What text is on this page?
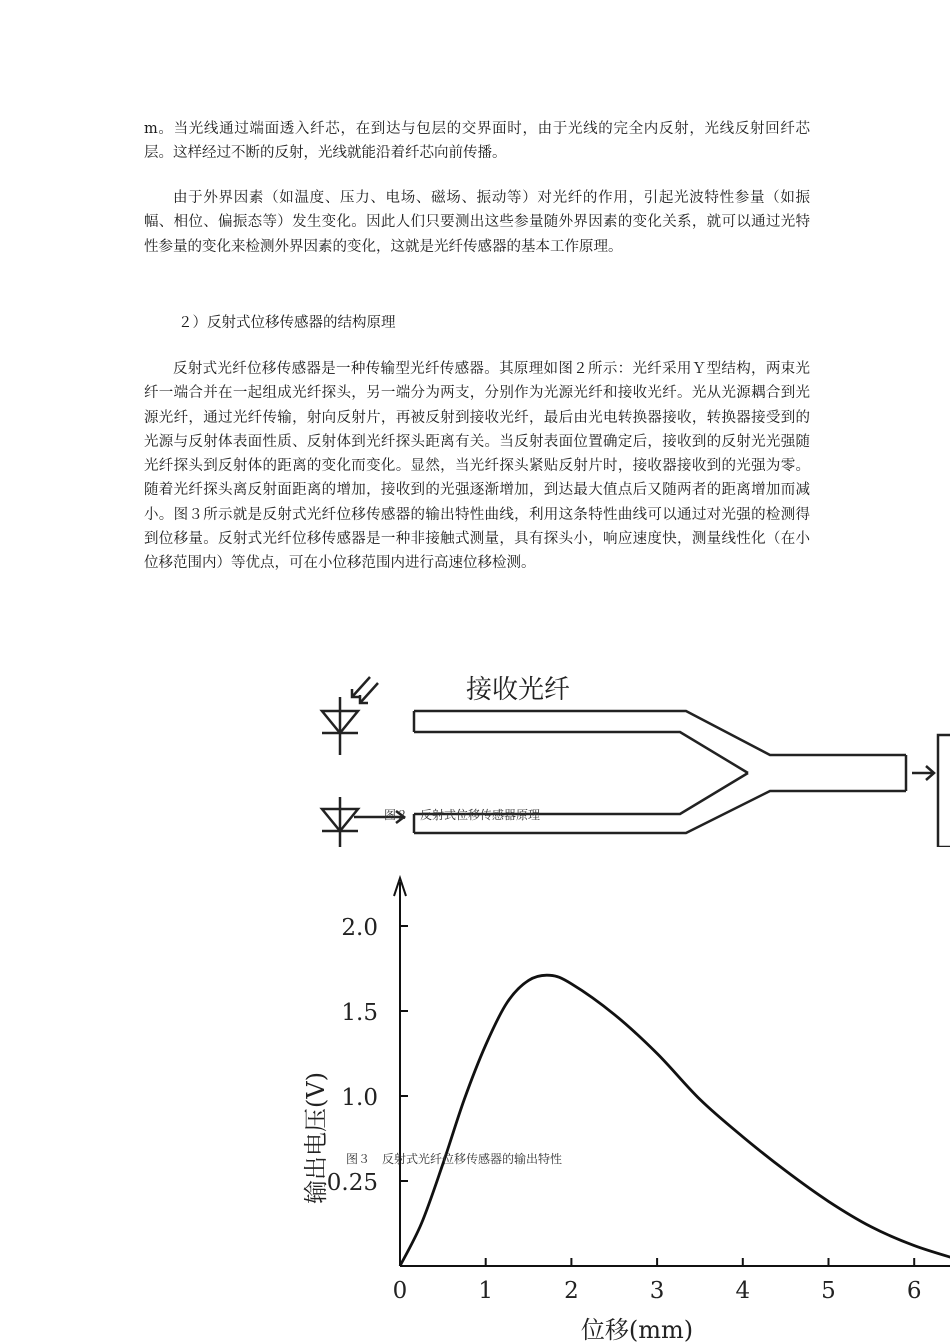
m。当光线通过端面透入纤芯，在到达与包层的交界面时，由于光线的完全内反射，光线反射回纤芯层。这样经过不断的反射，光线就能沿着纤芯向前传播。

由于外界因素（如温度、压力、电场、磁场、振动等）对光纤的作用，引起光波特性参量（如振幅、相位、偏振态等）发生变化。因此人们只要测出这些参量随外界因素的变化关系，就可以通过光特性参量的变化来检测外界因素的变化，这就是光纤传感器的基本工作原理。

２）反射式位移传感器的结构原理

反射式光纤位移传感器是一种传输型光纤传感器。其原理如图２所示：光纤采用Ｙ型结构，两束光纤一端合并在一起组成光纤探头，另一端分为两支，分别作为光源光纤和接收光纤。光从光源耦合到光源光纤，通过光纤传输，射向反射片，再被反射到接收光纤，最后由光电转换器接收，转换器接受到的光源与反射体表面性质、反射体到光纤探头距离有关。当反射表面位置确定后，接收到的反射光光强随光纤探头到反射体的距离的变化而变化。显然，当光纤探头紧贴反射片时，接收器接收到的光强为零。随着光纤探头离反射面距离的增加，接收到的光强逐渐增加，到达最大值点后又随两者的距离增加而减小。图３所示就是反射式光纤位移传感器的输出特性曲线，利用这条特性曲线可以通过对光强的检测得到位移量。反射式光纤位移传感器是一种非接触式测量，具有探头小，响应速度快，测量线性化（在小位移范围内）等优点，可在小位移范围内进行高速位移检测。

接收光纤
图２　反射式位移传感器原理
0	1	2	3	4	5	6
0.25
1.0
1.5
2.0
输出电压(V)
位移(mm)
图３　反射式光纤位移传感器的输出特性
